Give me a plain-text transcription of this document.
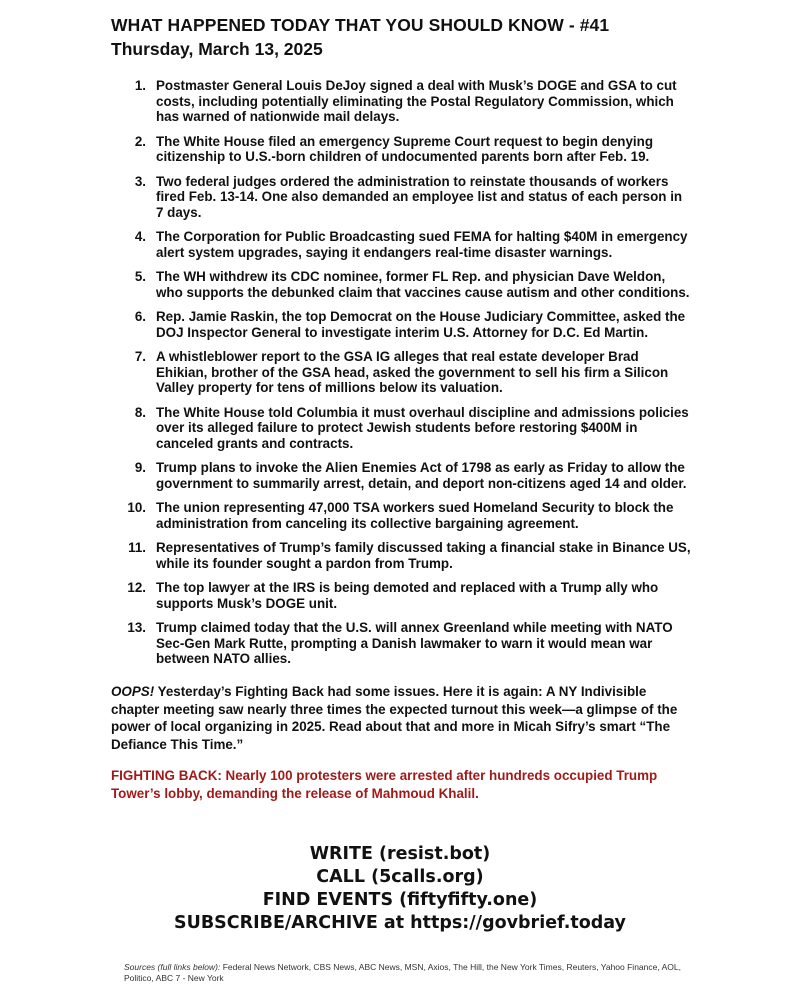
WHAT HAPPENED TODAY THAT YOU SHOULD KNOW - #41

Thursday, March 13, 2025

1. Postmaster General Louis DeJoy signed a deal with Musk’s DOGE and GSA to cut costs, including potentially eliminating the Postal Regulatory Commission, which has warned of nationwide mail delays.
2. The White House filed an emergency Supreme Court request to begin denying citizenship to U.S.-born children of undocumented parents born after Feb. 19.
3. Two federal judges ordered the administration to reinstate thousands of workers fired Feb. 13-14. One also demanded an employee list and status of each person in 7 days.
4. The Corporation for Public Broadcasting sued FEMA for halting $40M in emergency alert system upgrades, saying it endangers real-time disaster warnings.
5. The WH withdrew its CDC nominee, former FL Rep. and physician Dave Weldon, who supports the debunked claim that vaccines cause autism and other conditions.
6. Rep. Jamie Raskin, the top Democrat on the House Judiciary Committee, asked the DOJ Inspector General to investigate interim U.S. Attorney for D.C. Ed Martin.
7. A whistleblower report to the GSA IG alleges that real estate developer Brad Ehikian, brother of the GSA head, asked the government to sell his firm a Silicon Valley property for tens of millions below its valuation.
8. The White House told Columbia it must overhaul discipline and admissions policies over its alleged failure to protect Jewish students before restoring $400M in canceled grants and contracts.
9. Trump plans to invoke the Alien Enemies Act of 1798 as early as Friday to allow the government to summarily arrest, detain, and deport non-citizens aged 14 and older.
10. The union representing 47,000 TSA workers sued Homeland Security to block the administration from canceling its collective bargaining agreement.
11. Representatives of Trump’s family discussed taking a financial stake in Binance US, while its founder sought a pardon from Trump.
12. The top lawyer at the IRS is being demoted and replaced with a Trump ally who supports Musk’s DOGE unit.
13. Trump claimed today that the U.S. will annex Greenland while meeting with NATO Sec-Gen Mark Rutte, prompting a Danish lawmaker to warn it would mean war between NATO allies.

OOPS! Yesterday’s Fighting Back had some issues. Here it is again: A NY Indivisible chapter meeting saw nearly three times the expected turnout this week—a glimpse of the power of local organizing in 2025. Read about that and more in Micah Sifry’s smart “The Defiance This Time.”

FIGHTING BACK: Nearly 100 protesters were arrested after hundreds occupied Trump Tower’s lobby, demanding the release of Mahmoud Khalil.

WRITE (resist.bot)
CALL (5calls.org)
FIND EVENTS (fiftyfifty.one)
SUBSCRIBE/ARCHIVE at https://govbrief.today
Sources (full links below): Federal News Network, CBS News, ABC News, MSN, Axios, The Hill, the New York Times, Reuters, Yahoo Finance, AOL, Politico, ABC 7 - New York
